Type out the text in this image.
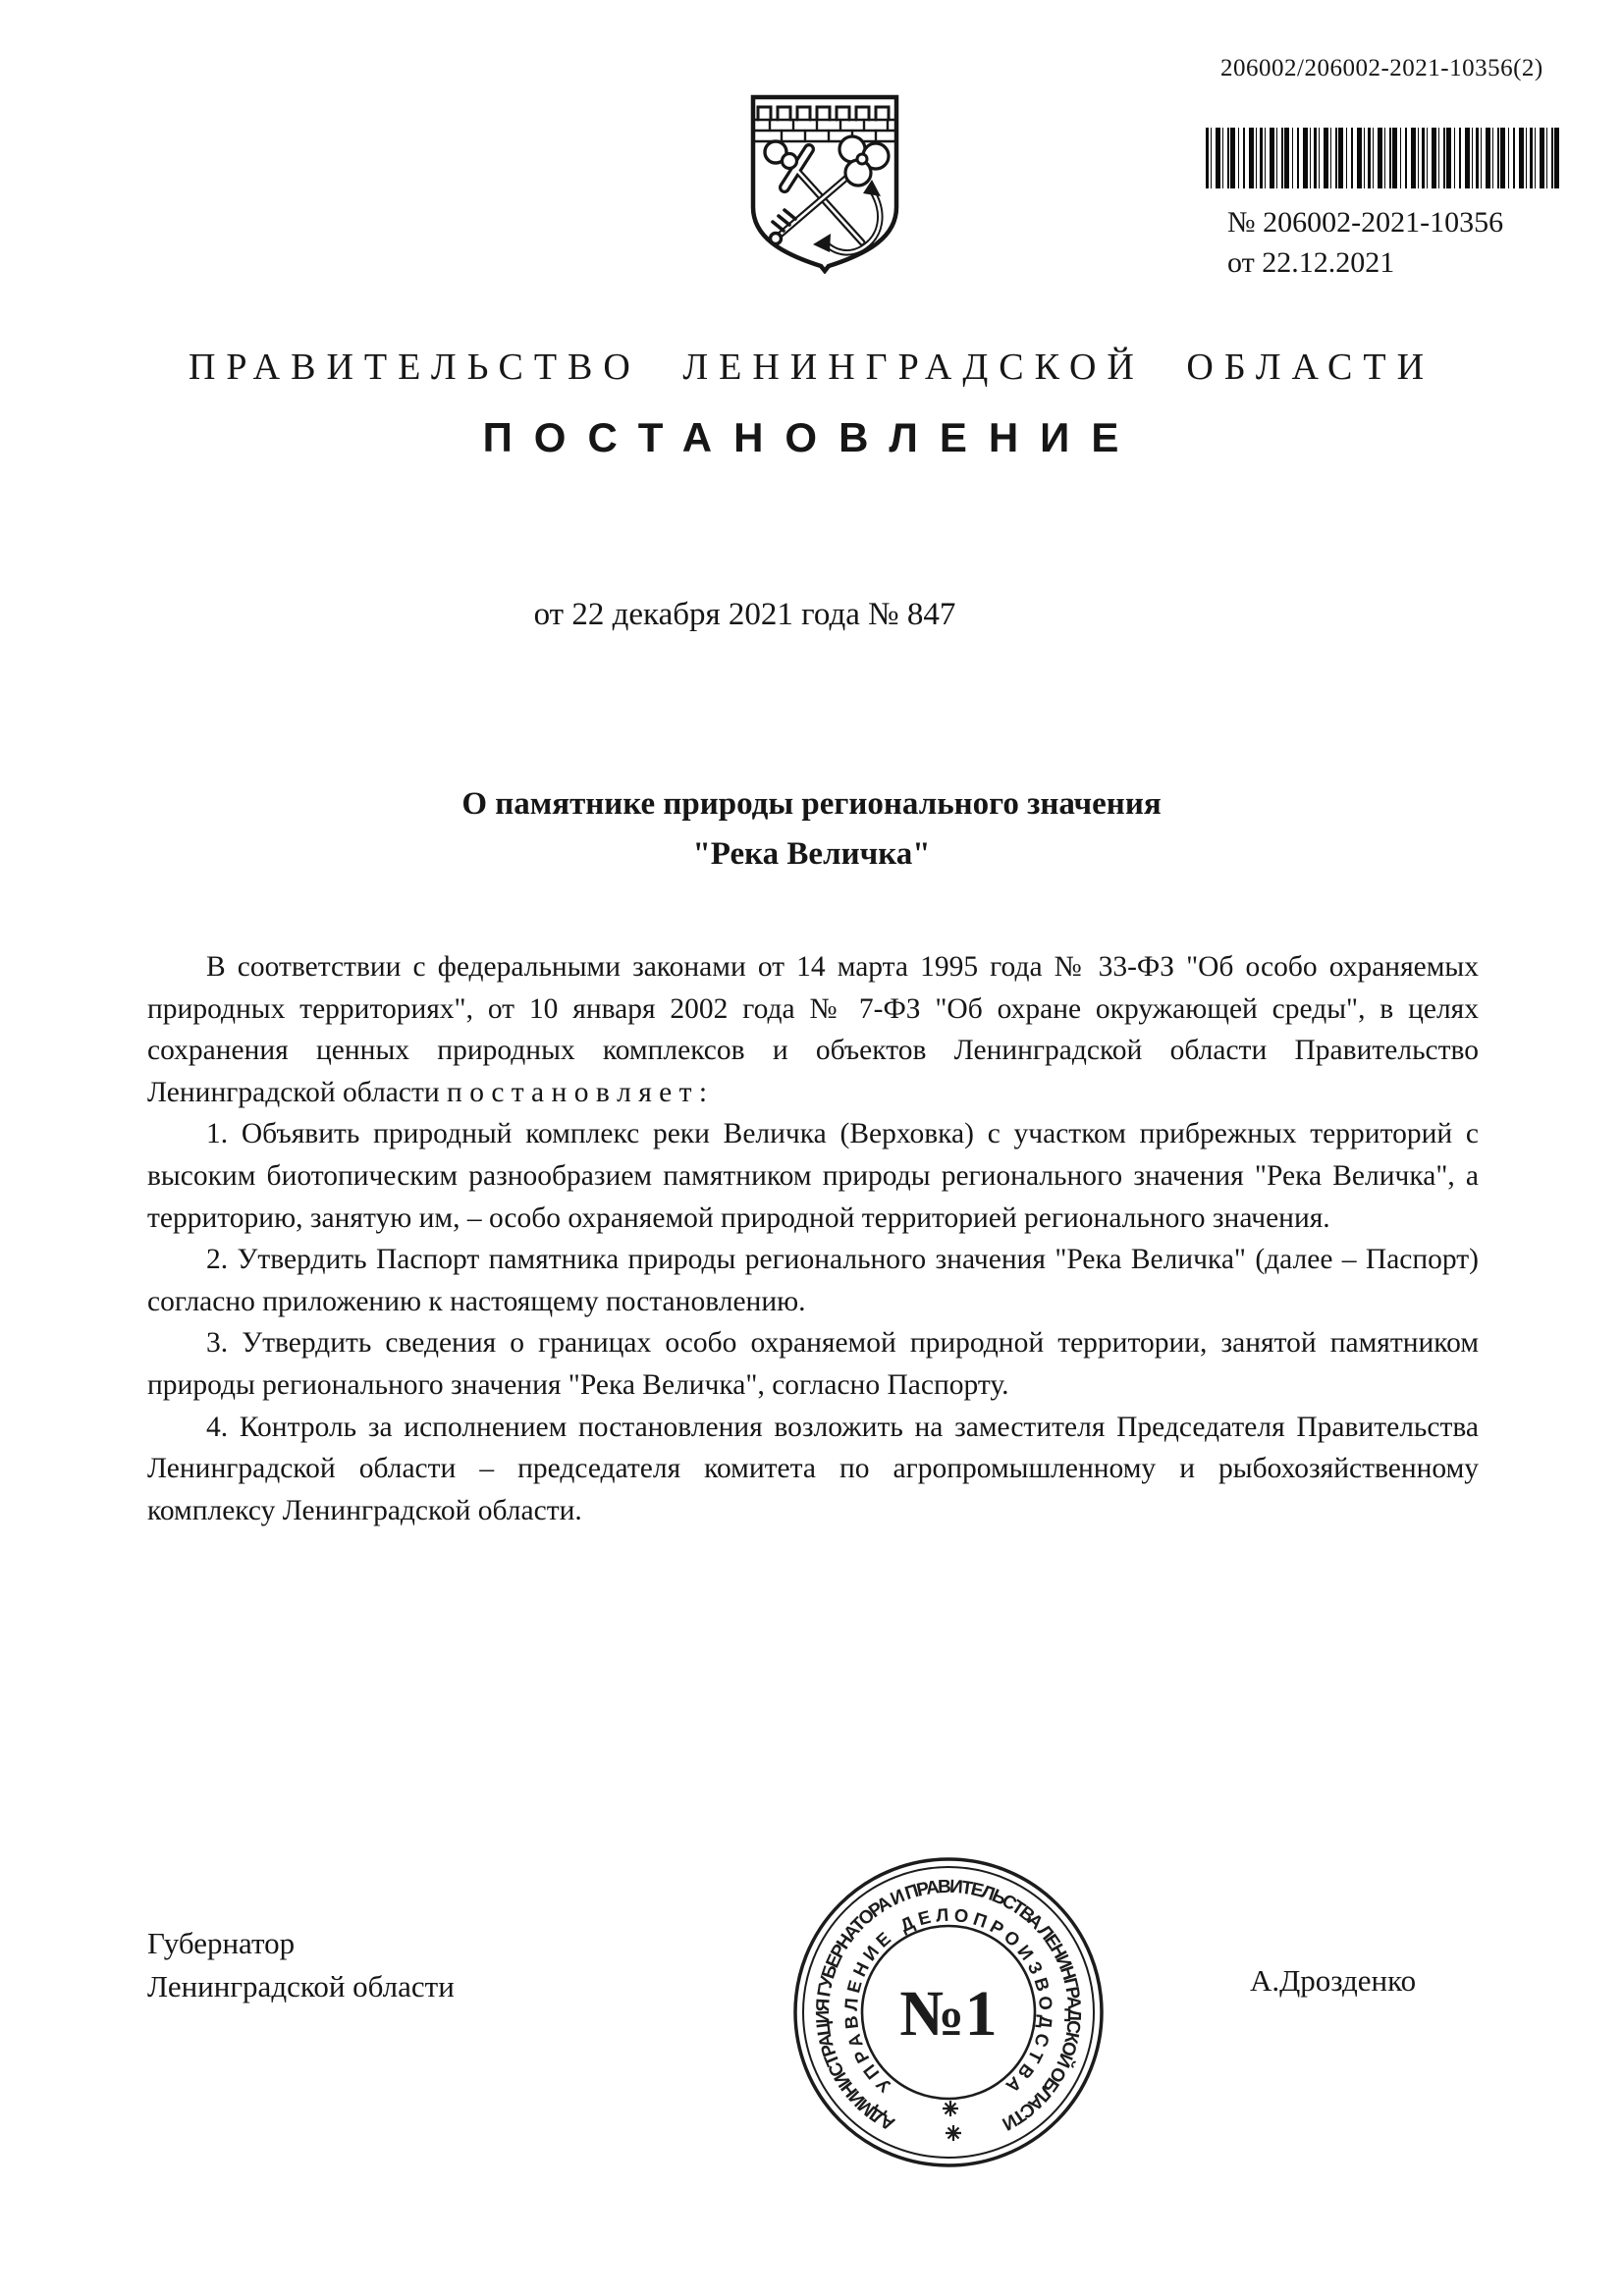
206002/206002-2021-10356(2)
№ 206002-2021-10356
от 22.12.2021
ПРАВИТЕЛЬСТВО ЛЕНИНГРАДСКОЙ ОБЛАСТИ
ПОСТАНОВЛЕНИЕ
от 22 декабря 2021 года № 847
О памятнике природы регионального значения
"Река Величка"

В соответствии с федеральными законами от 14 марта 1995 года № 33-ФЗ "Об особо охраняемых природных территориях", от 10 января 2002 года № 7-ФЗ "Об охране окружающей среды", в целях сохранения ценных природных комплексов и объектов Ленинградской области Правительство Ленинградской области п о с т а н о в л я е т :

1. Объявить природный комплекс реки Величка (Верховка) с участком прибрежных территорий с высоким биотопическим разнообразием памятником природы регионального значения "Река Величка", а территорию, занятую им, – особо охраняемой природной территорией регионального значения.

2. Утвердить Паспорт памятника природы регионального значения "Река Величка" (далее – Паспорт) согласно приложению к настоящему постановлению.

3. Утвердить сведения о границах особо охраняемой природной территории, занятой памятником природы регионального значения "Река Величка", согласно Паспорту.

4. Контроль за исполнением постановления возложить на заместителя Председателя Правительства Ленинградской области – председателя комитета по агропромышленному и рыбохозяйственному комплексу Ленинградской области.

Губернатор
Ленинградской области
АДМИНИСТРАЦИЯ ГУБЕРНАТОРА И ПРАВИТЕЛЬСТВА ЛЕНИНГРАДСКОЙ ОБЛАСТИ
УПРАВЛЕНИЕ ДЕЛОПРОИЗВОДСТВА
№1	А.Дрозденко
